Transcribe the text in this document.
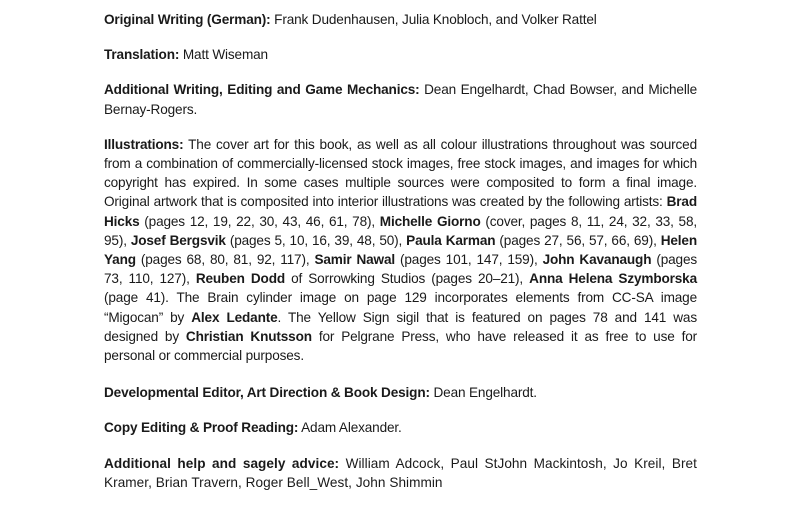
Original Writing (German): Frank Dudenhausen, Julia Knobloch, and Volker Rattel

Translation: Matt Wiseman

Additional Writing, Editing and Game Mechanics: Dean Engelhardt, Chad Bowser, and Michelle Bernay-Rogers.

Illustrations: The cover art for this book, as well as all colour illustrations throughout was sourced from a combination of commercially-licensed stock images, free stock images, and images for which copyright has expired. In some cases multiple sources were composited to form a final image. Original artwork that is composited into interior illustrations was created by the following artists: Brad Hicks (pages 12, 19, 22, 30, 43, 46, 61, 78), Michelle Giorno (cover, pages 8, 11, 24, 32, 33, 58, 95), Josef Bergsvik (pages 5, 10, 16, 39, 48, 50), Paula Karman (pages 27, 56, 57, 66, 69), Helen Yang (pages 68, 80, 81, 92, 117), Samir Nawal (pages 101, 147, 159), John Kavanaugh (pages 73, 110, 127), Reuben Dodd of Sorrowking Studios (pages 20–21), Anna Helena Szymborska (page 41). The Brain cylinder image on page 129 incorporates elements from CC-SA image “Migocan” by Alex Ledante. The Yellow Sign sigil that is featured on pages 78 and 141 was designed by Christian Knutsson for Pelgrane Press, who have released it as free to use for personal or commercial purposes.

Developmental Editor, Art Direction & Book Design: Dean Engelhardt.

Copy Editing & Proof Reading: Adam Alexander.

Additional help and sagely advice: William Adcock, Paul StJohn Mackintosh, Jo Kreil, Bret Kramer, Brian Travern, Roger Bell_West, John Shimmin
